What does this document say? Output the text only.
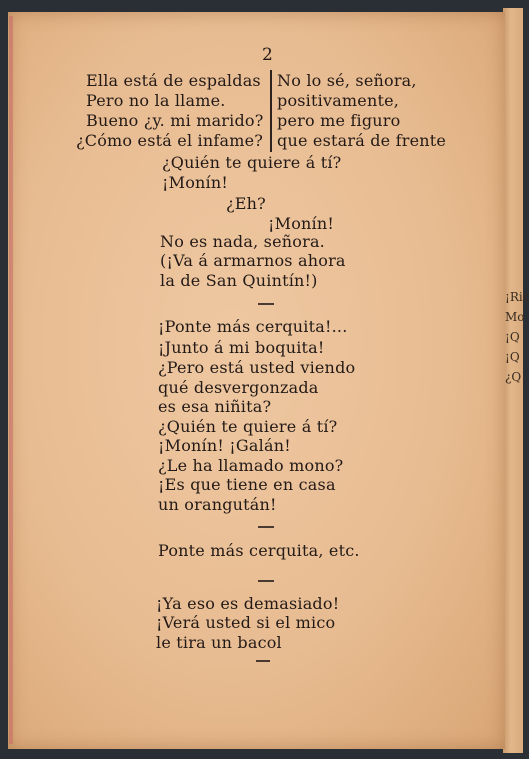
¡Ric
Mo
¡Q
¡Q
¿Q
2
Ella está de espaldas
Pero no la llame.
Bueno ¿y. mi marido?
¿Cómo está el infame?
No lo sé, señora,
positivamente,
pero me figuro
que estará de frente
¿Quién te quiere á tí?
¡Monín!
¿Eh?
¡Monín!
No es nada, señora.
(¡Va á armarnos ahora
la de San Quintín!)
¡Ponte más cerquita!...
¡Junto á mi boquita!
¿Pero está usted viendo
qué desvergonzada
es esa niñita?
¿Quién te quiere á tí?
¡Monín! ¡Galán!
¿Le ha llamado mono?
¡Es que tiene en casa
un orangután!
Ponte más cerquita, etc.
¡Ya eso es demasiado!
¡Verá usted si el mico
le tira un bacol
